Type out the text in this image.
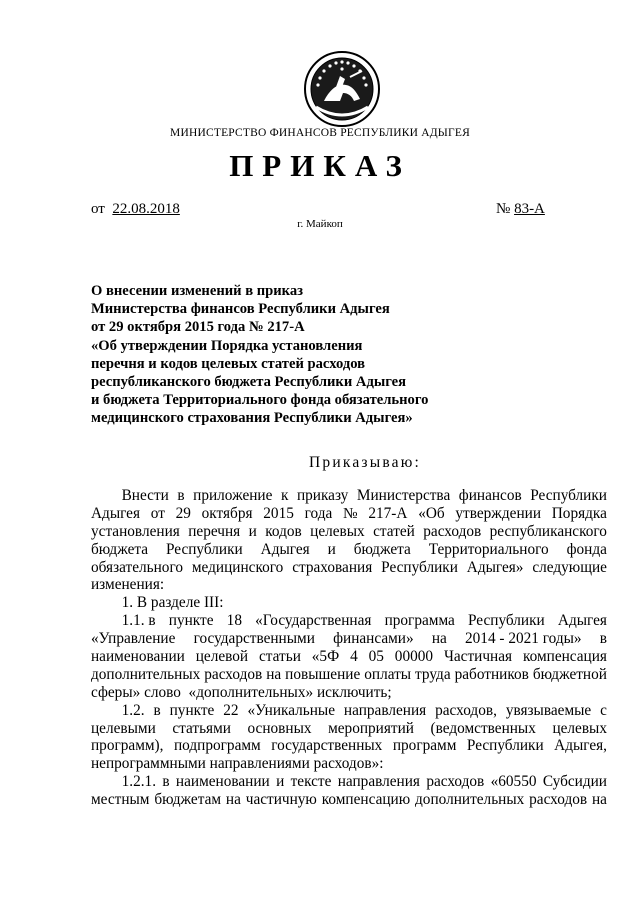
МИНИСТЕРСТВО ФИНАНСОВ РЕСПУБЛИКИ АДЫГЕЯ
ПРИКАЗ
от 22.08.2018	№ 83-А
г. Майкоп
О внесении изменений в приказ
Министерства финансов Республики Адыгея
от 29 октября 2015 года № 217-А
«Об утверждении Порядка установления
перечня и кодов целевых статей расходов
республиканского бюджета Республики Адыгея
и бюджета Территориального фонда обязательного
медицинского страхования Республики Адыгея»
Приказываю:
Внести в приложение к приказу Министерства финансов Республики
Адыгея от 29 октября 2015 года № 217-А «Об утверждении Порядка
установления перечня и кодов целевых статей расходов республиканского
бюджета Республики Адыгея и бюджета Территориального фонда
обязательного медицинского страхования Республики Адыгея» следующие
изменения:
1. В разделе III:
1.1. в пункте 18 «Государственная программа Республики Адыгея
«Управление государственными финансами» на 2014 - 2021 годы» в
наименовании целевой статьи «5Ф 4 05 00000 Частичная компенсация
дополнительных расходов на повышение оплаты труда работников бюджетной
сферы» слово  «дополнительных» исключить;
1.2. в пункте 22 «Уникальные направления расходов, увязываемые с
целевыми статьями основных мероприятий (ведомственных целевых
программ), подпрограмм государственных программ Республики Адыгея,
непрограммными направлениями расходов»:
1.2.1. в наименовании и тексте направления расходов «60550 Субсидии
местным бюджетам на частичную компенсацию дополнительных расходов на
